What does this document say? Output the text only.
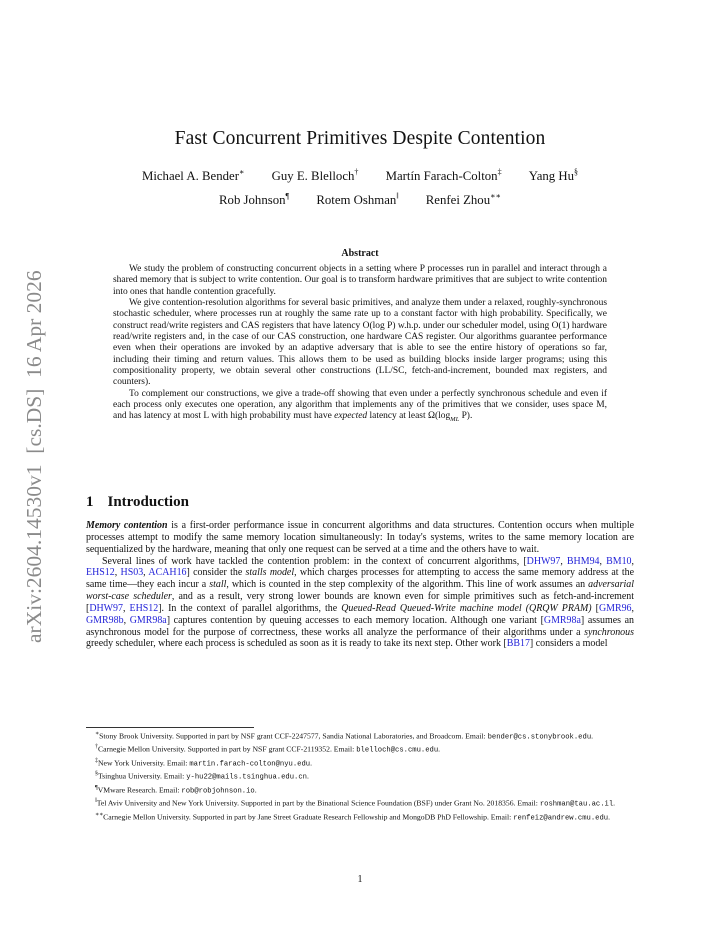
arXiv:2604.14530v1  [cs.DS]  16 Apr 2026
Fast Concurrent Primitives Despite Contention
Michael A. Bender∗ Guy E. Blelloch† Martín Farach-Colton‡ Yang Hu§
Rob Johnson¶ Rotem Oshman‖ Renfei Zhou∗∗
Abstract

We study the problem of constructing concurrent objects in a setting where P processes run in parallel and interact through a shared memory that is subject to write contention. Our goal is to transform hardware primitives that are subject to write contention into ones that handle contention gracefully.

We give contention-resolution algorithms for several basic primitives, and analyze them under a relaxed, roughly-synchronous stochastic scheduler, where processes run at roughly the same rate up to a constant factor with high probability. Specifically, we construct read/write registers and CAS registers that have latency O(log P) w.h.p. under our scheduler model, using O(1) hardware read/write registers and, in the case of our CAS construction, one hardware CAS register. Our algorithms guarantee performance even when their operations are invoked by an adaptive adversary that is able to see the entire history of operations so far, including their timing and return values. This allows them to be used as building blocks inside larger programs; using this compositionality property, we obtain several other constructions (LL/SC, fetch-and-increment, bounded max registers, and counters).

To complement our constructions, we give a trade-off showing that even under a perfectly synchronous schedule and even if each process only executes one operation, any algorithm that implements any of the primitives that we consider, uses space M, and has latency at most L with high probability must have expected latency at least $\Omega(\log_{ML}$ P).

1 Introduction

Memory contention is a first-order performance issue in concurrent algorithms and data structures. Contention occurs when multiple processes attempt to modify the same memory location simultaneously: In today's systems, writes to the same memory location are sequentialized by the hardware, meaning that only one request can be served at a time and the others have to wait.

Several lines of work have tackled the contention problem: in the context of concurrent algorithms, [DHW97, BHM94, BM10, EHS12, HS03, ACAH16] consider the stalls model, which charges processes for attempting to access the same memory address at the same time—they each incur a stall, which is counted in the step complexity of the algorithm. This line of work assumes an adversarial worst-case scheduler, and as a result, very strong lower bounds are known even for simple primitives such as fetch-and-increment [DHW97, EHS12]. In the context of parallel algorithms, the Queued-Read Queued-Write machine model (QRQW PRAM) [GMR96, GMR98b, GMR98a] captures contention by queuing accesses to each memory location. Although one variant [GMR98a] assumes an asynchronous model for the purpose of correctness, these works all analyze the performance of their algorithms under a synchronous greedy scheduler, where each process is scheduled as soon as it is ready to take its next step. Other work [BB17] considers a model

∗Stony Brook University. Supported in part by NSF grant CCF-2247577, Sandia National Laboratories, and Broadcom. Email: bender@cs.stonybrook.edu.
†Carnegie Mellon University. Supported in part by NSF grant CCF-2119352. Email: blelloch@cs.cmu.edu.
‡New York University. Email: martin.farach-colton@nyu.edu.
§Tsinghua University. Email: y-hu22@mails.tsinghua.edu.cn.
¶VMware Research. Email: rob@robjohnson.io.
‖Tel Aviv University and New York University. Supported in part by the Binational Science Foundation (BSF) under Grant No. 2018356. Email: roshman@tau.ac.il.
∗∗Carnegie Mellon University. Supported in part by Jane Street Graduate Research Fellowship and MongoDB PhD Fellowship. Email: renfeiz@andrew.cmu.edu.
1
